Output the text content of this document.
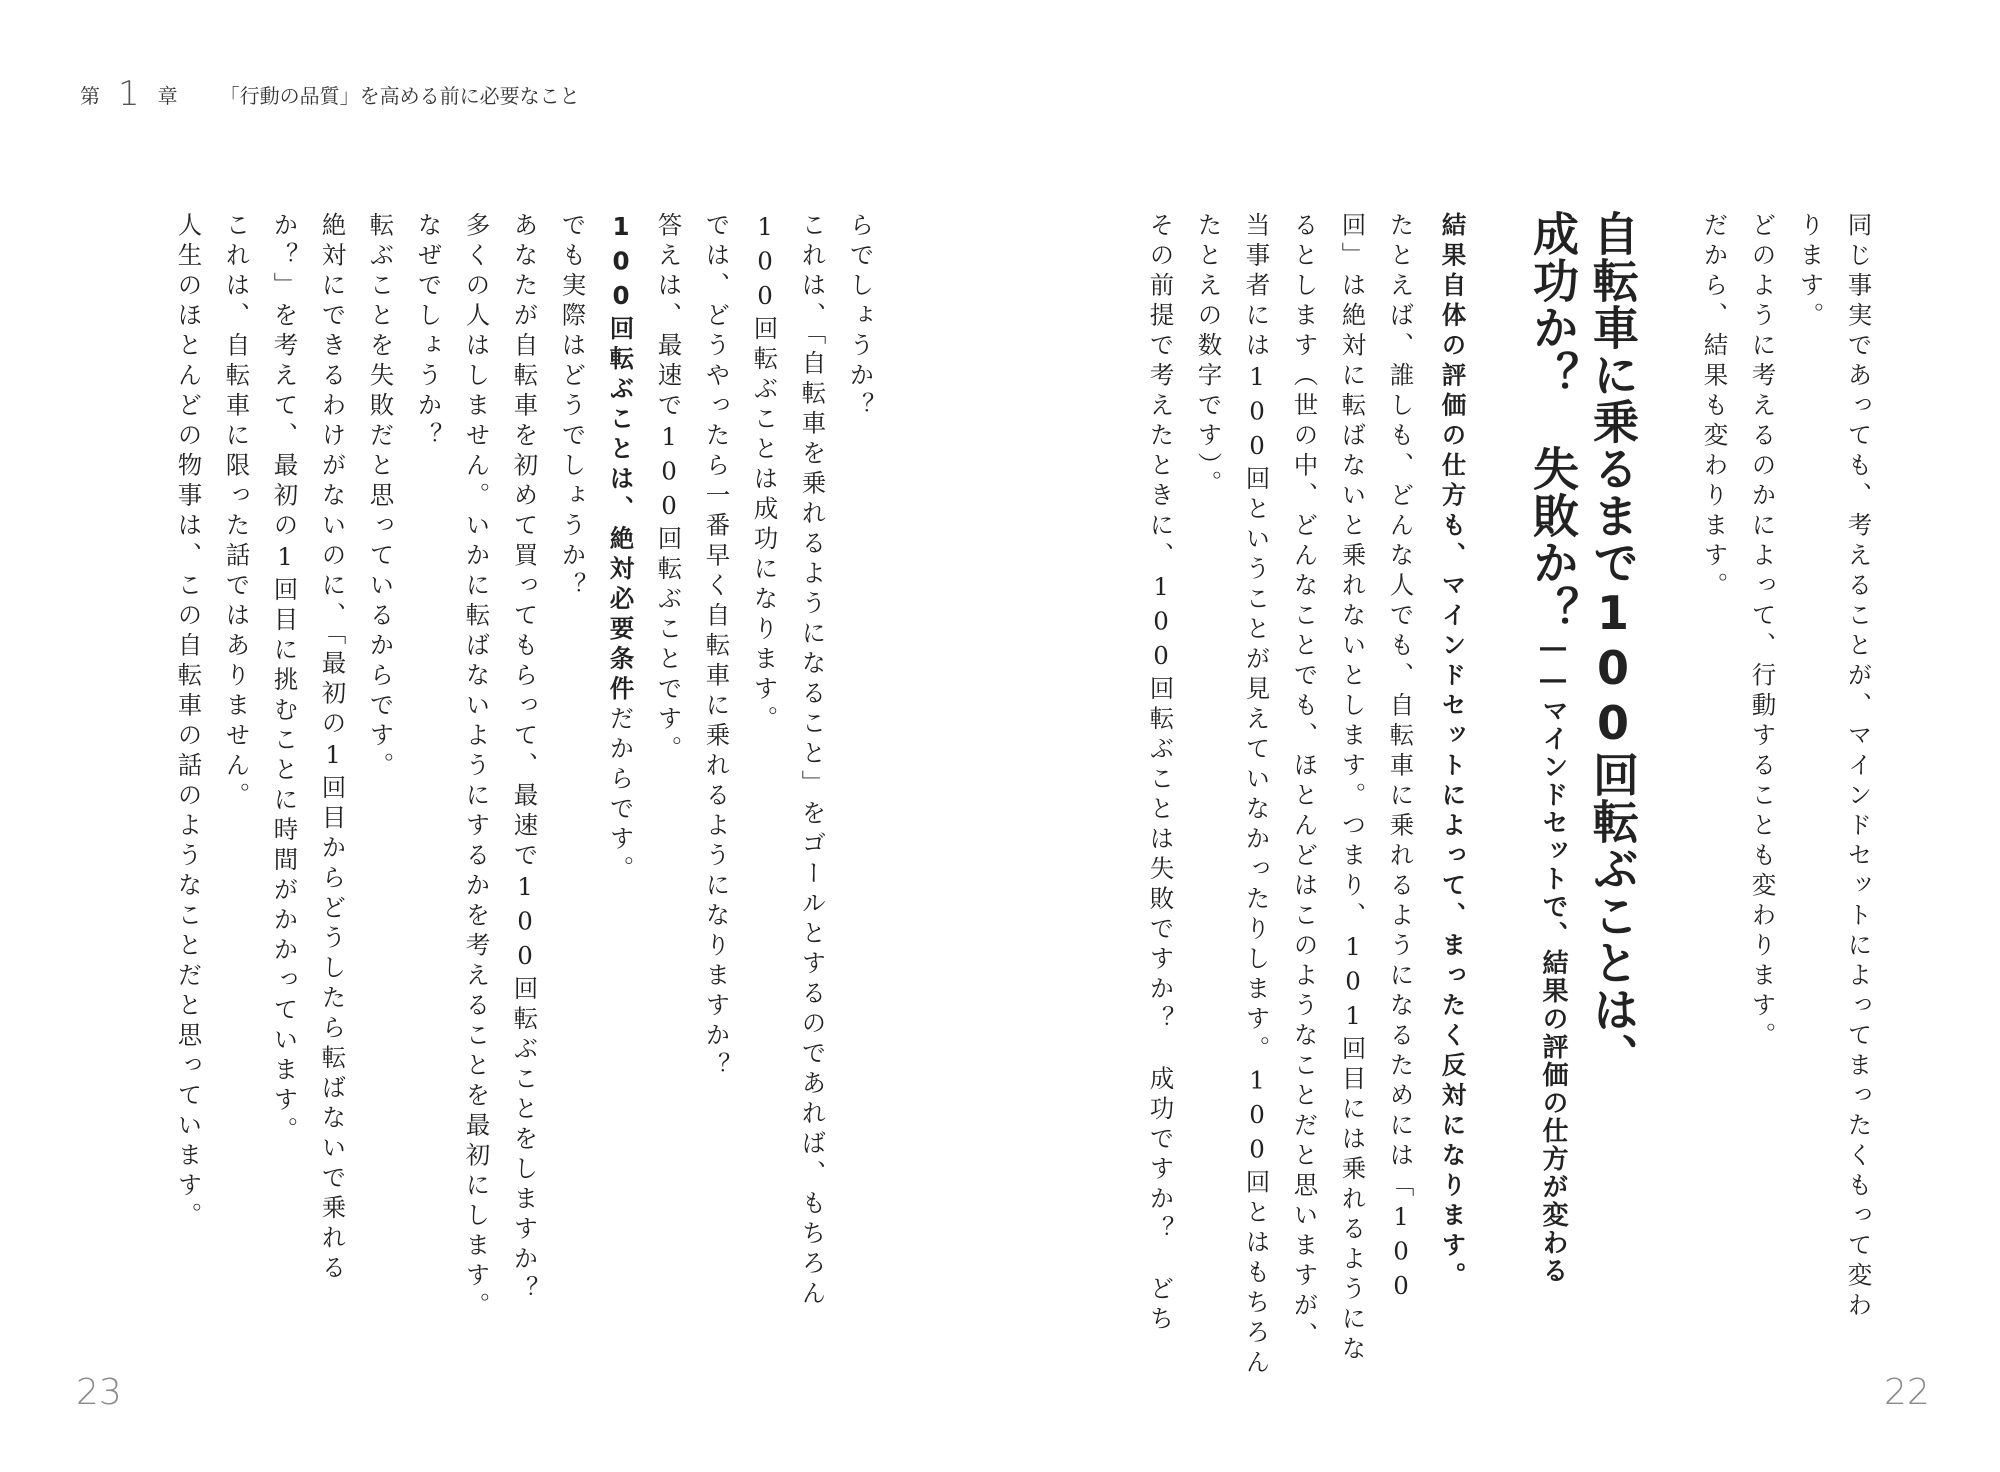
第 1 章 「行動の品質」を高める前に必要なこと
23	22
同じ事実であっても、考えることが、マインドセットによってまったくもって変わ
ります。
どのように考えるのかによって、行動することも変わります。
だから、結果も変わります。
自転車に乗るまで100回転ぶことは、
成功か？　失敗か？――マインドセットで、結果の評価の仕方が変わる
結果自体の評価の仕方も、マインドセットによって、まったく反対になります。
たとえば、誰しも、どんな人でも、自転車に乗れるようになるためには「100
回」は絶対に転ばないと乗れないとします。つまり、101回目には乗れるようにな
るとします（世の中、どんなことでも、ほとんどはこのようなことだと思いますが、
当事者には100回ということが見えていなかったりします。100回とはもちろん
たとえの数字です）。
その前提で考えたときに、100回転ぶことは失敗ですか？　成功ですか？　どち
らでしょうか？
これは、「自転車を乗れるようになること」をゴールとするのであれば、もちろん
100回転ぶことは成功になります。
では、どうやったら一番早く自転車に乗れるようになりますか？
答えは、最速で100回転ぶことです。
100回転ぶことは、絶対必要条件だからです。
でも実際はどうでしょうか？
あなたが自転車を初めて買ってもらって、最速で100回転ぶことをしますか？
多くの人はしません。いかに転ばないようにするかを考えることを最初にします。
なぜでしょうか？
転ぶことを失敗だと思っているからです。
絶対にできるわけがないのに、「最初の1回目からどうしたら転ばないで乗れる
か？」を考えて、最初の1回目に挑むことに時間がかかっています。
これは、自転車に限った話ではありません。
人生のほとんどの物事は、この自転車の話のようなことだと思っています。
